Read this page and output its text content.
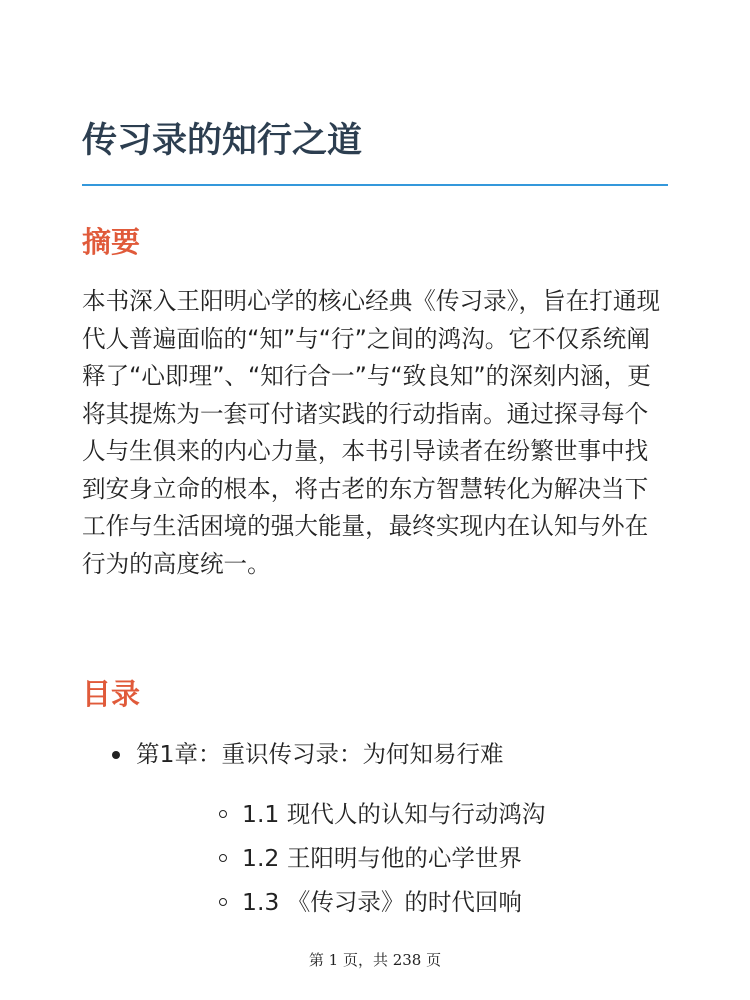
传习录的知行之道
摘要

本书深入王阳明心学的核心经典《传习录》，旨在打通现代人普遍面临的“知”与“行”之间的鸿沟。它不仅系统阐释了“心即理”、“知行合一”与“致良知”的深刻内涵，更将其提炼为一套可付诸实践的行动指南。通过探寻每个人与生俱来的内心力量，本书引导读者在纷繁世事中找到安身立命的根本，将古老的东方智慧转化为解决当下工作与生活困境的强大能量，最终实现内在认知与外在行为的高度统一。

目录
第1章：重识传习录：为何知易行难
1.1 现代人的认知与行动鸿沟
1.2 王阳明与他的心学世界
1.3 《传习录》的时代回响
第 1 页，共 238 页
